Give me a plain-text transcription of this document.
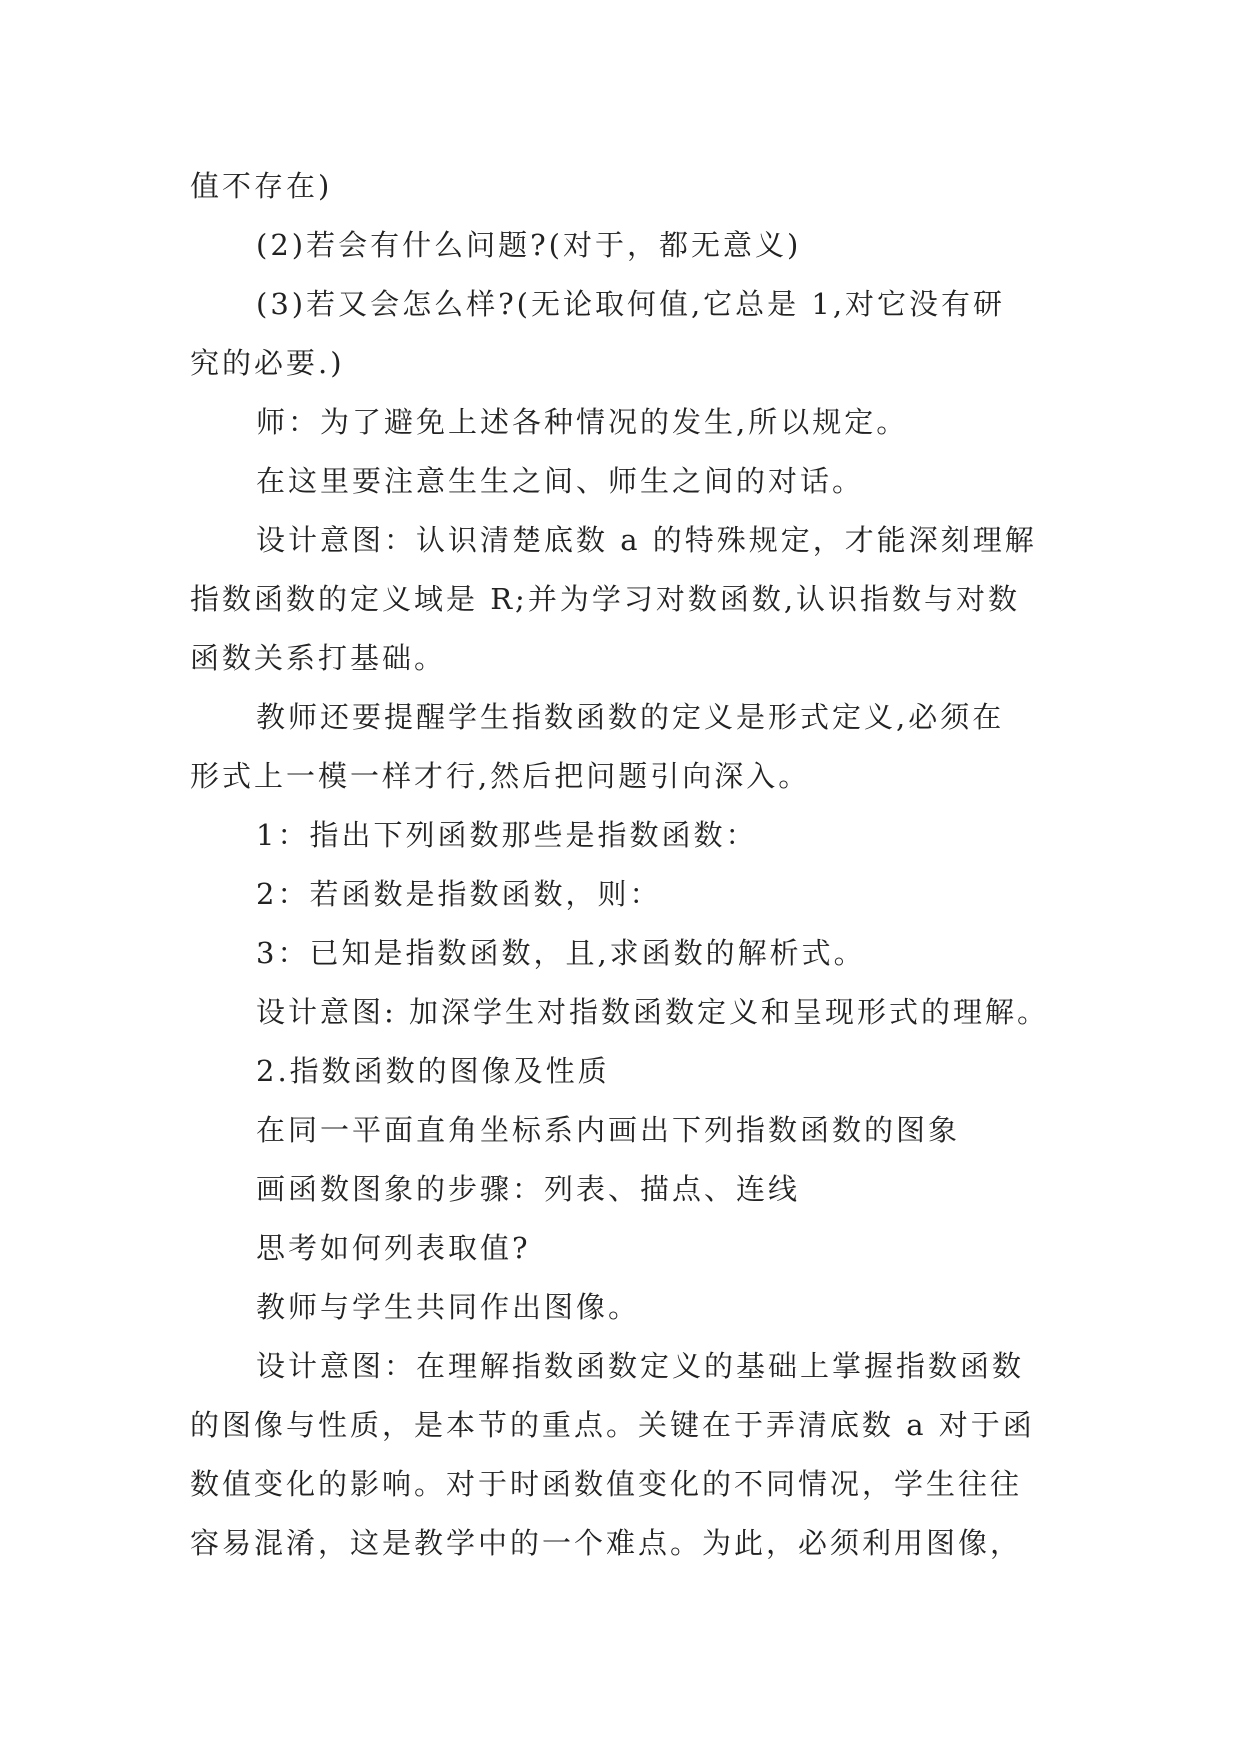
值不存在)
(2)若会有什么问题?(对于，都无意义)
(3)若又会怎么样?(无论取何值,它总是 1,对它没有研
究的必要.)
师：为了避免上述各种情况的发生,所以规定。
在这里要注意生生之间、师生之间的对话。
设计意图：认识清楚底数 a 的特殊规定，才能深刻理解
指数函数的定义域是 R;并为学习对数函数,认识指数与对数
函数关系打基础。
教师还要提醒学生指数函数的定义是形式定义,必须在
形式上一模一样才行,然后把问题引向深入。
1：指出下列函数那些是指数函数：
2：若函数是指数函数，则：
3：已知是指数函数，且,求函数的解析式。
设计意图: 加深学生对指数函数定义和呈现形式的理解。
2.指数函数的图像及性质
在同一平面直角坐标系内画出下列指数函数的图象
画函数图象的步骤：列表、描点、连线
思考如何列表取值?
教师与学生共同作出图像。
设计意图：在理解指数函数定义的基础上掌握指数函数
的图像与性质，是本节的重点。关键在于弄清底数 a 对于函
数值变化的影响。对于时函数值变化的不同情况，学生往往
容易混淆，这是教学中的一个难点。为此，必须利用图像，
